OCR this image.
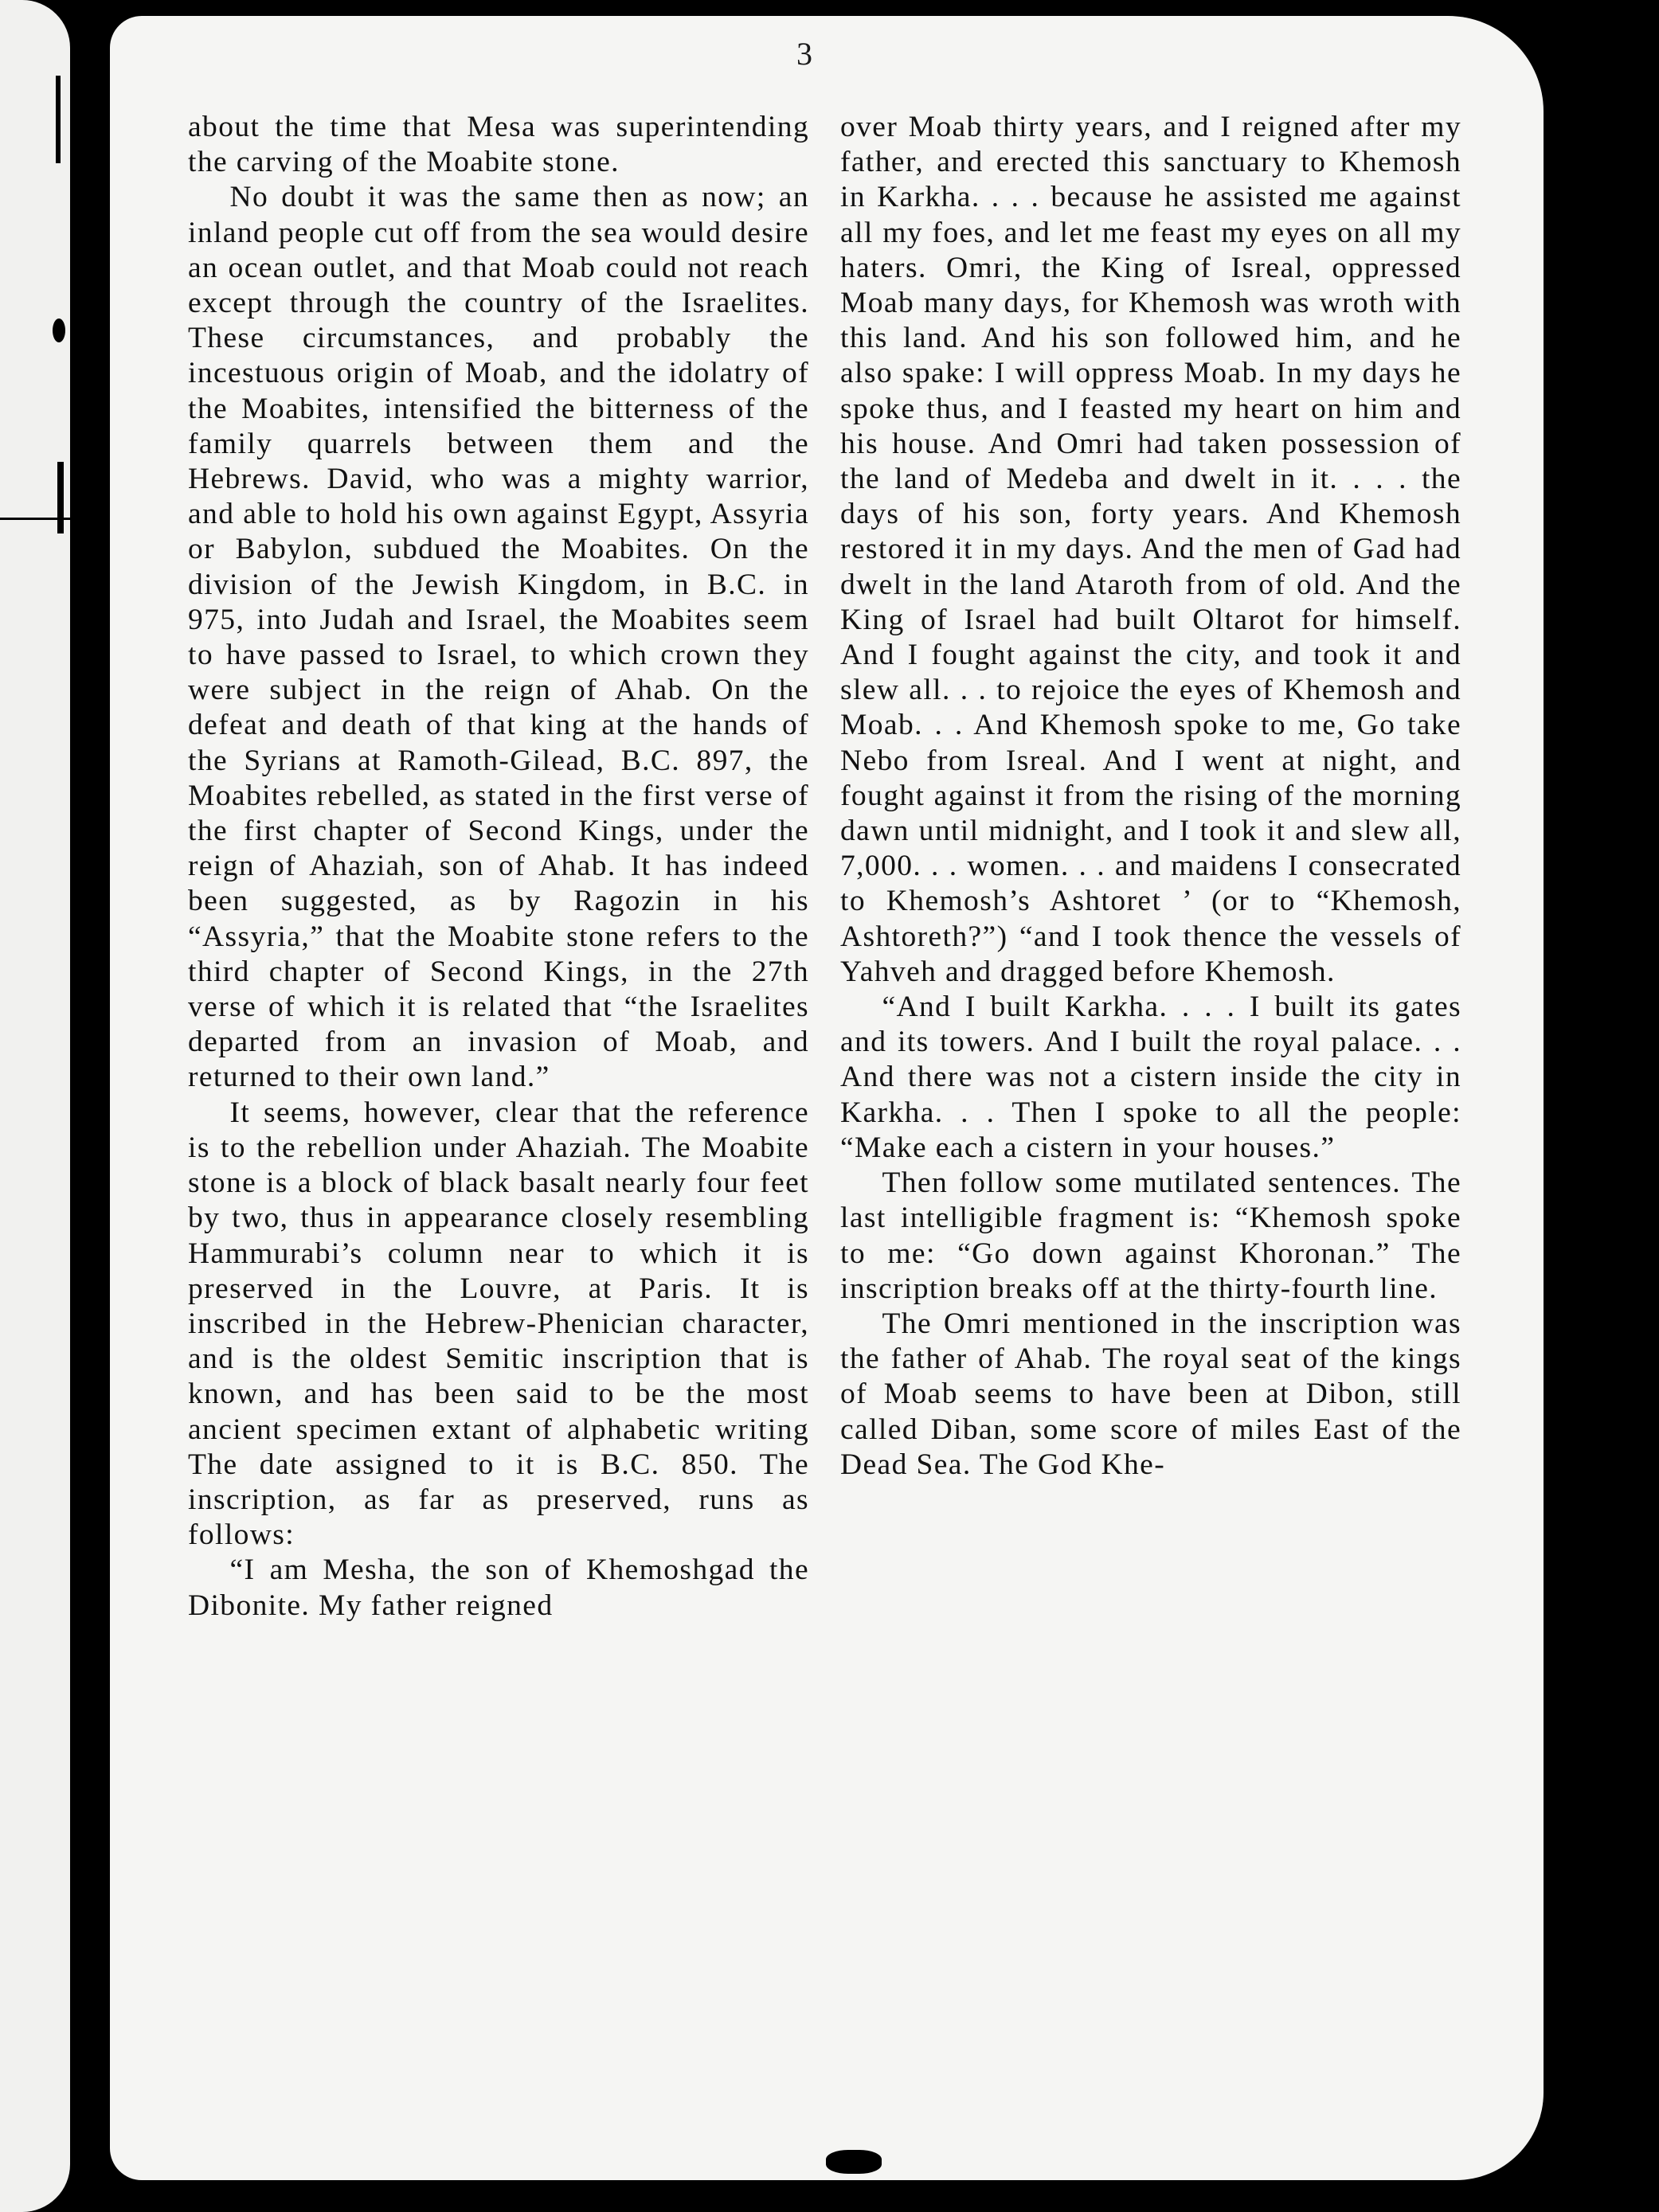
3

about the time that Mesa was superintending the carving of the Moabite stone.

No doubt it was the same then as now; an inland people cut off from the sea would desire an ocean outlet, and that Moab could not reach except through the country of the Israelites. These circumstances, and probably the incestuous origin of Moab, and the idolatry of the Moabites, intensified the bitterness of the family quarrels between them and the Hebrews. David, who was a mighty warrior, and able to hold his own against Egypt, Assyria or Babylon, subdued the Moabites. On the division of the Jewish Kingdom, in B.C. in 975, into Judah and Israel, the Moabites seem to have passed to Israel, to which crown they were subject in the reign of Ahab. On the defeat and death of that king at the hands of the Syrians at Ramoth-Gilead, B.C. 897, the Moabites rebelled, as stated in the first verse of the first chapter of Second Kings, under the reign of Ahaziah, son of Ahab. It has indeed been suggested, as by Ragozin in his “Assyria,” that the Moabite stone refers to the third chapter of Second Kings, in the 27th verse of which it is related that “the Israelites departed from an invasion of Moab, and returned to their own land.”

It seems, however, clear that the reference is to the rebellion under Ahaziah. The Moabite stone is a block of black basalt nearly four feet by two, thus in appearance closely resembling Hammurabi’s column near to which it is preserved in the Louvre, at Paris. It is inscribed in the Hebrew-Phenician character, and is the oldest Semitic inscription that is known, and has been said to be the most ancient specimen extant of alphabetic writing The date assigned to it is B.C. 850. The inscription, as far as preserved, runs as follows:

“I am Mesha, the son of Khemoshgad the Dibonite. My father reigned

over Moab thirty years, and I reigned after my father, and erected this sanctuary to Khemosh in Karkha. . . . because he assisted me against all my foes, and let me feast my eyes on all my haters. Omri, the King of Isreal, oppressed Moab many days, for Khemosh was wroth with this land. And his son followed him, and he also spake: I will oppress Moab. In my days he spoke thus, and I feasted my heart on him and his house. And Omri had taken possession of the land of Medeba and dwelt in it. . . . the days of his son, forty years. And Khemosh restored it in my days. And the men of Gad had dwelt in the land Ataroth from of old. And the King of Israel had built Oltarot for himself. And I fought against the city, and took it and slew all. . . to rejoice the eyes of Khemosh and Moab. . . And Khemosh spoke to me, Go take Nebo from Isreal. And I went at night, and fought against it from the rising of the morning dawn until midnight, and I took it and slew all, 7,000. . . women. . . and maidens I consecrated to Khemosh’s Ashtoret ’ (or to “Khemosh, Ashtoreth?”) “and I took thence the vessels of Yahveh and dragged before Khemosh.

“And I built Karkha. . . . I built its gates and its towers. And I built the royal palace. . . And there was not a cistern inside the city in Karkha. . . Then I spoke to all the people: “Make each a cistern in your houses.”

Then follow some mutilated sentences. The last intelligible fragment is: “Khemosh spoke to me: “Go down against Khoronan.” The inscription breaks off at the thirty-fourth line.

The Omri mentioned in the inscription was the father of Ahab. The royal seat of the kings of Moab seems to have been at Dibon, still called Diban, some score of miles East of the Dead Sea. The God Khe-
